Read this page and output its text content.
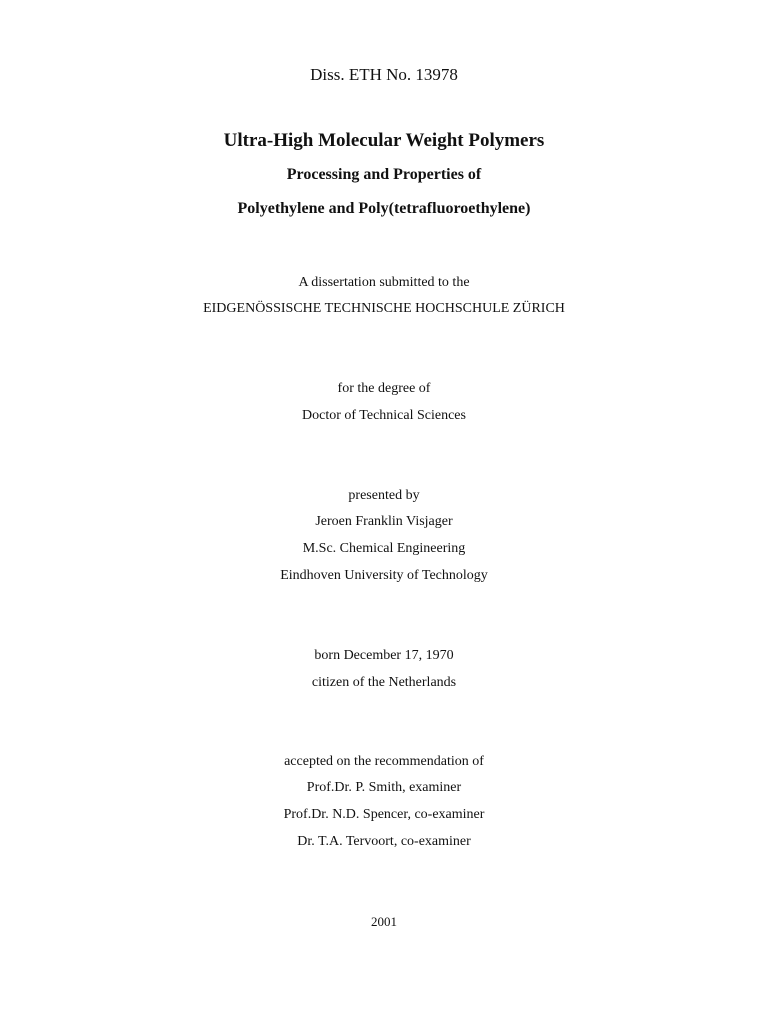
Diss. ETH No. 13978
Ultra-High Molecular Weight Polymers
Processing and Properties of
Polyethylene and Poly(tetrafluoroethylene)
A dissertation submitted to the
EIDGENÖSSISCHE TECHNISCHE HOCHSCHULE ZÜRICH
for the degree of
Doctor of Technical Sciences
presented by
Jeroen Franklin Visjager
M.Sc. Chemical Engineering
Eindhoven University of Technology
born December 17, 1970
citizen of the Netherlands
accepted on the recommendation of
Prof.Dr. P. Smith, examiner
Prof.Dr. N.D. Spencer, co-examiner
Dr. T.A. Tervoort, co-examiner
2001
